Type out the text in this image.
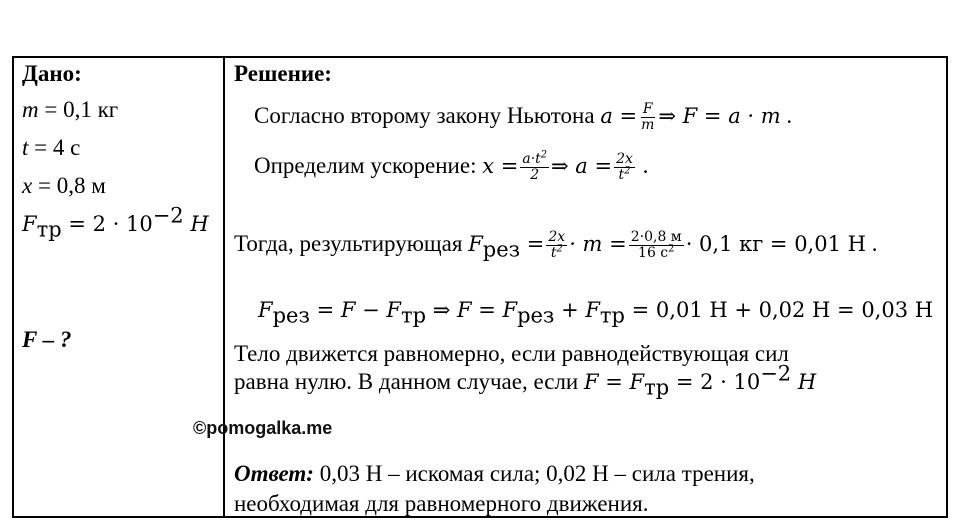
Дано:
m = 0,1 кг
t = 4 с
x = 0,8 м
$F_{тр} = 2 \cdot 10^{-2}$ H
F – ?
Решение:
Согласно второму закону Ньютона $a = \frac{F}{m}$ ⇒ F = a · m .
Определим ускорение: $x = \frac{a\cdot t^2}{2}$ ⇒ $a = \frac{2x}{t^2}$ .
Тогда, результирующая $F_{рез} = \frac{2x}{t^2} \cdot m = \frac{2\cdot 0,8 м}{16 с^2} \cdot 0,1$ кг = 0,01 Н .
$F_{рез} = F - F_{тр}$ ⇒ $F = F_{рез} + F_{тр} = 0,01$ Н + 0,02 Н = 0,03 Н
Тело движется равномерно, если равнодействующая сил
равна нулю. В данном случае, если $F = F_{тр} = 2 \cdot 10^{-2}$ H
Ответ: 0,03 Н – искомая сила; 0,02 Н – сила трения,
необходимая для равномерного движения.
©pomogalka.me
